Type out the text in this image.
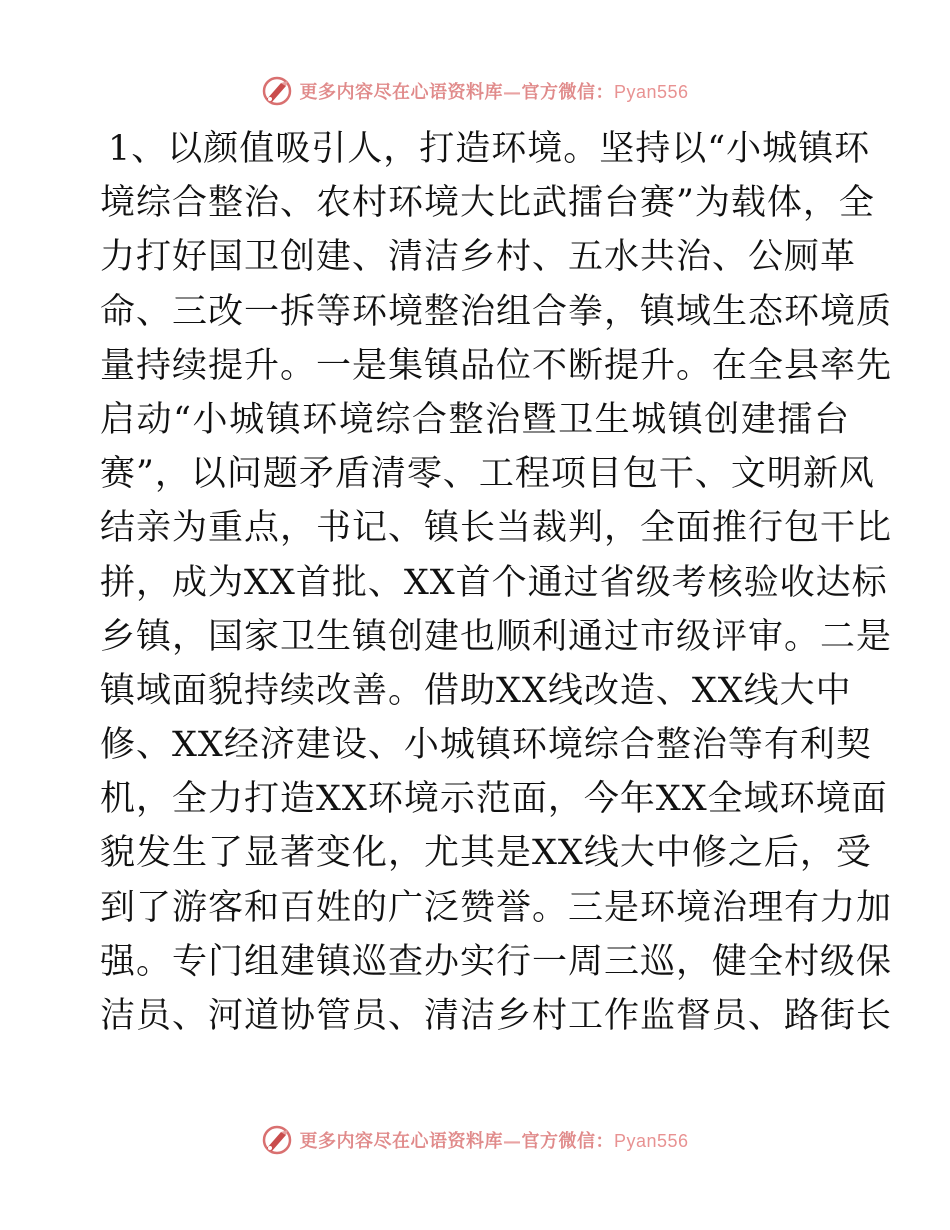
更多内容尽在心语资料库—官方微信：Pyan556
1、以颜值吸引人，打造环境。坚持以“小城镇环
境综合整治、农村环境大比武擂台赛”为载体，全
力打好国卫创建、清洁乡村、五水共治、公厕革
命、三改一拆等环境整治组合拳，镇域生态环境质
量持续提升。一是集镇品位不断提升。在全县率先
启动“小城镇环境综合整治暨卫生城镇创建擂台
赛”，以问题矛盾清零、工程项目包干、文明新风
结亲为重点，书记、镇长当裁判，全面推行包干比
拼，成为XX首批、XX首个通过省级考核验收达标
乡镇，国家卫生镇创建也顺利通过市级评审。二是
镇域面貌持续改善。借助XX线改造、XX线大中
修、XX经济建设、小城镇环境综合整治等有利契
机，全力打造XX环境示范面，今年XX全域环境面
貌发生了显著变化，尤其是XX线大中修之后，受
到了游客和百姓的广泛赞誉。三是环境治理有力加
强。专门组建镇巡查办实行一周三巡，健全村级保
洁员、河道协管员、清洁乡村工作监督员、路街长
更多内容尽在心语资料库—官方微信：Pyan556
